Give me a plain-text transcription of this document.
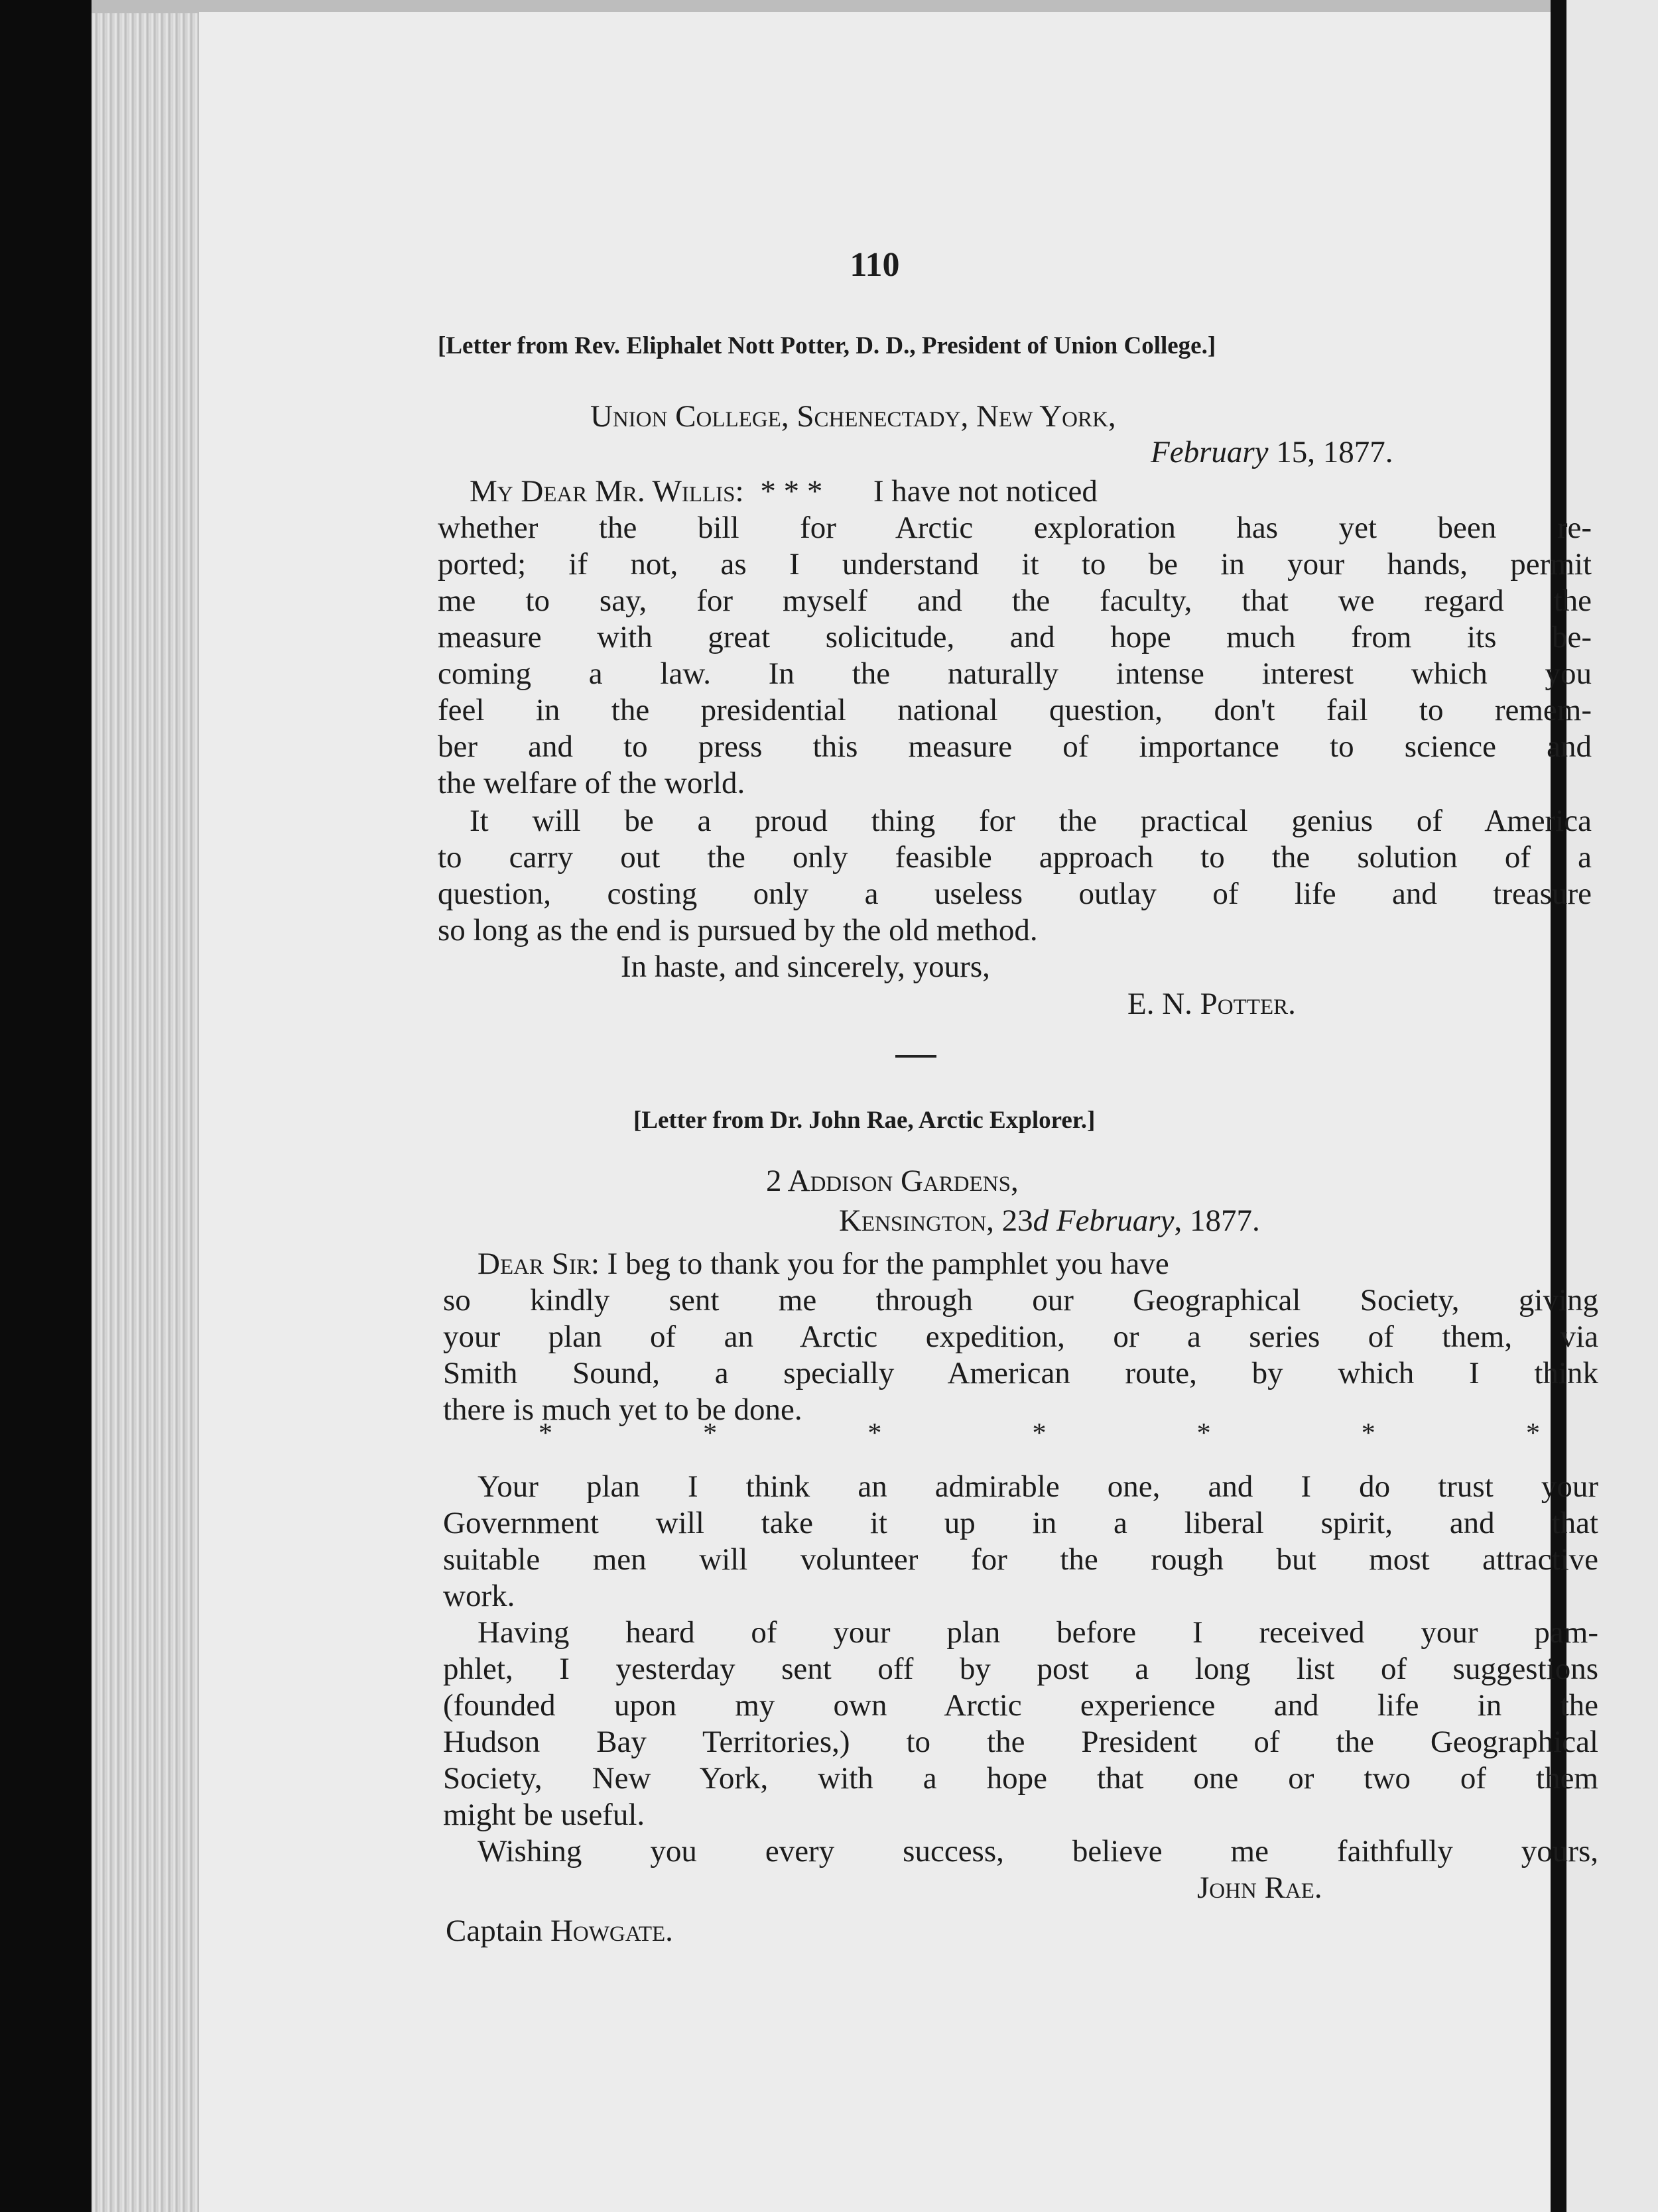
110
[Letter from Rev. Eliphalet Nott Potter, D. D., President of Union College.]
Union College, Schenectady, New York,
February 15, 1877.
My Dear Mr. Willis: * * * I have not noticed
whether the bill for Arctic exploration has yet been re-
ported; if not, as I understand it to be in your hands, permit
me to say, for myself and the faculty, that we regard the
measure with great solicitude, and hope much from its be-
coming a law. In the naturally intense interest which you
feel in the presidential national question, don't fail to remem-
ber and to press this measure of importance to science and
the welfare of the world.
It will be a proud thing for the practical genius of America
to carry out the only feasible approach to the solution of a
question, costing only a useless outlay of life and treasure
so long as the end is pursued by the old method.
In haste, and sincerely, yours,
E. N. Potter.
[Letter from Dr. John Rae, Arctic Explorer.]
2 Addison Gardens,
Kensington, 23d February, 1877.
Dear Sir: I beg to thank you for the pamphlet you have
so kindly sent me through our Geographical Society, giving
your plan of an Arctic expedition, or a series of them, via
Smith Sound, a specially American route, by which I think
there is much yet to be done.
*	*	*	*	*	*	*
Your plan I think an admirable one, and I do trust your
Government will take it up in a liberal spirit, and that
suitable men will volunteer for the rough but most attractive
work.
Having heard of your plan before I received your pam-
phlet, I yesterday sent off by post a long list of suggestions
(founded upon my own Arctic experience and life in the
Hudson Bay Territories,) to the President of the Geographical
Society, New York, with a hope that one or two of them
might be useful.
Wishing you every success, believe me faithfully yours,
John Rae.
Captain Howgate.
